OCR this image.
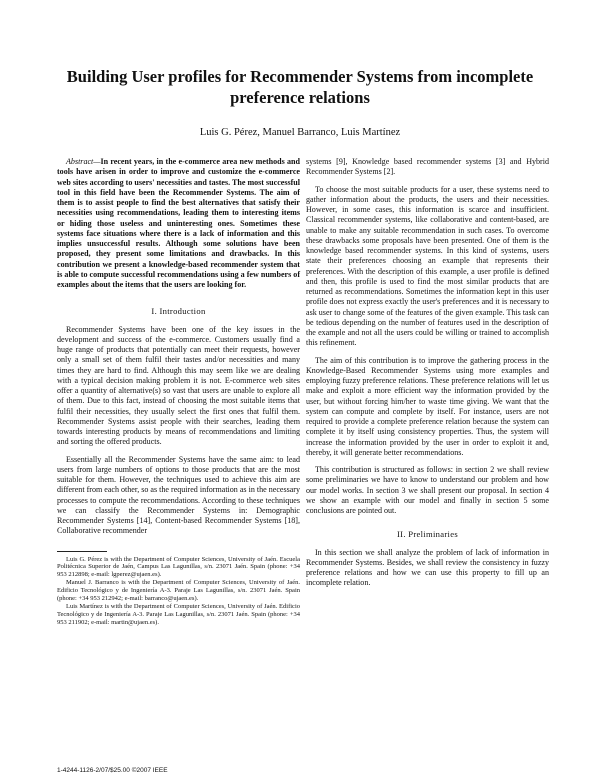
Building User profiles for Recommender Systems from incomplete
preference relations
Luis G. Pérez, Manuel Barranco, Luis Martínez

Abstract—In recent years, in the e-commerce area new methods and tools have arisen in order to improve and customize the e-commerce web sites according to users' necessities and tastes. The most successful tool in this field have been the Recommender Systems. The aim of them is to assist people to find the best alternatives that satisfy their necessities using recommendations, leading them to interesting items or hiding those useless and uninteresting ones. Sometimes these systems face situations where there is a lack of information and this implies unsuccessful results. Although some solutions have been proposed, they present some limitations and drawbacks. In this contribution we present a knowledge-based recommender system that is able to compute successful recommendations using a few numbers of examples about the items that the users are looking for.

I. Introduction

Recommender Systems have been one of the key issues in the development and success of the e-commerce. Customers usually find a huge range of products that potentially can meet their requests, however only a small set of them fulfil their tastes and/or necessities and many times they are hard to find. Although this may seem like we are dealing with a typical decision making problem it is not. E-commerce web sites offer a quantity of alternative(s) so vast that users are unable to explore all of them. Due to this fact, instead of choosing the most suitable items that fulfil their necessities, they usually select the first ones that fulfil them. Recommender Systems assist people with their searches, leading them towards interesting products by means of recommendations and limiting and sorting the offered products.

Essentially all the Recommender Systems have the same aim: to lead users from large numbers of options to those products that are the most suitable for them. However, the techniques used to achieve this aim are different from each other, so as the required information as in the necessary processes to compute the recommendations. According to these techniques we can classify the Recommender Systems in: Demographic Recommender Systems [14], Content-based Recommender Systems [18], Collaborative recommender

Luis G. Pérez is with the Department of Computer Sciences, University of Jaén. Escuela Politécnica Superior de Jaén, Campus Las Lagunillas, s/n. 23071 Jaén. Spain (phone: +34 953 212898; e-mail: lgperez@ujaen.es).

Manuel J. Barranco is with the Department of Computer Sciences, University of Jaén. Edificio Tecnológico y de Ingeniería A-3. Paraje Las Lagunillas, s/n. 23071 Jaén. Spain (phone: +34 953 212942; e-mail: barranco@ujaen.es).

Luis Martínez is with the Department of Computer Sciences, University of Jaén. Edificio Tecnológico y de Ingeniería A-3. Paraje Las Lagunillas, s/n. 23071 Jaén. Spain (phone: +34 953 211902; e-mail: martin@ujaen.es).

systems [9], Knowledge based recommender systems [3] and Hybrid Recommender Systems [2].

To choose the most suitable products for a user, these systems need to gather information about the products, the users and their necessities. However, in some cases, this information is scarce and insufficient. Classical recommender systems, like collaborative and content-based, are unable to make any suitable recommendation in such cases. To overcome these drawbacks some proposals have been presented. One of them is the knowledge based recommender systems. In this kind of systems, users state their preferences choosing an example that represents their preferences. With the description of this example, a user profile is defined and then, this profile is used to find the most similar products that are returned as recommendations. Sometimes the information kept in this user profile does not express exactly the user's preferences and it is necessary to ask user to change some of the features of the given example. This task can be tedious depending on the number of features used in the description of the example and not all the users could be willing or trained to accomplish this refinement.

The aim of this contribution is to improve the gathering process in the Knowledge-Based Recommender Systems using more examples and employing fuzzy preference relations. These preference relations will let us make and exploit a more efficient way the information provided by the user, but without forcing him/her to waste time giving. We want that the system can compute and complete by itself. For instance, users are not required to provide a complete preference relation because the system can complete it by itself using consistency properties. Thus, the system will increase the information provided by the user in order to exploit it and, thereby, it will generate better recommendations.

This contribution is structured as follows: in section 2 we shall review some preliminaries we have to know to understand our problem and how our model works. In section 3 we shall present our proposal. In section 4 we show an example with our model and finally in section 5 some conclusions are pointed out.

II. Preliminaries

In this section we shall analyze the problem of lack of information in Recommender Systems. Besides, we shall review the consistency in fuzzy preference relations and how we can use this property to fill up an incomplete relation.

1-4244-1126-2/07/$25.00 ©2007 IEEE
